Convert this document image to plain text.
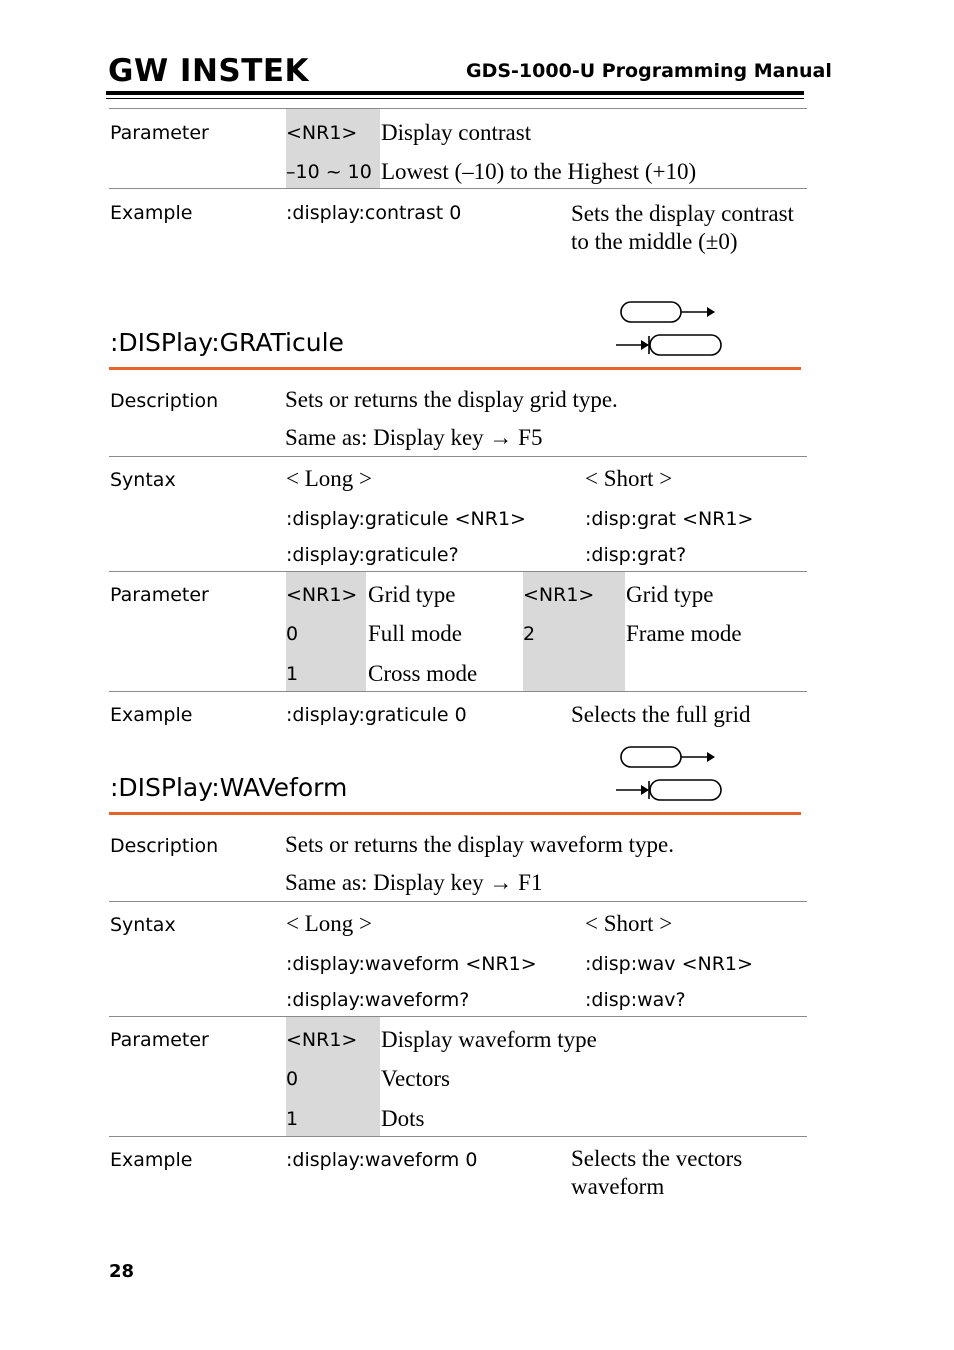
GW INSTEK	GDS-1000-U Programming Manual
Parameter	<NR1> Display contrast
–10 ~ 10 Lowest (–10) to the Highest (+10)
Example	:display:contrast 0	Sets the display contrast to the middle (±0)
:DISPlay:GRATicule
Description	Sets or returns the display grid type.
Same as: Display key → F5
Syntax	< Long >	< Short >
:display:graticule <NR1>	:disp:grat <NR1>
:display:graticule?	:disp:grat?
Parameter	<NR1> Grid type	<NR1> Grid type
0	Full mode	2	Frame mode
1	Cross mode
Example	:display:graticule 0	Selects the full grid
:DISPlay:WAVeform
Description	Sets or returns the display waveform type.
Same as: Display key → F1
Syntax	< Long >	< Short >
:display:waveform <NR1>	:disp:wav <NR1>
:display:waveform?	:disp:wav?
Parameter	<NR1> Display waveform type
0	Vectors
1	Dots
Example	:display:waveform 0	Selects the vectors
waveform
28
